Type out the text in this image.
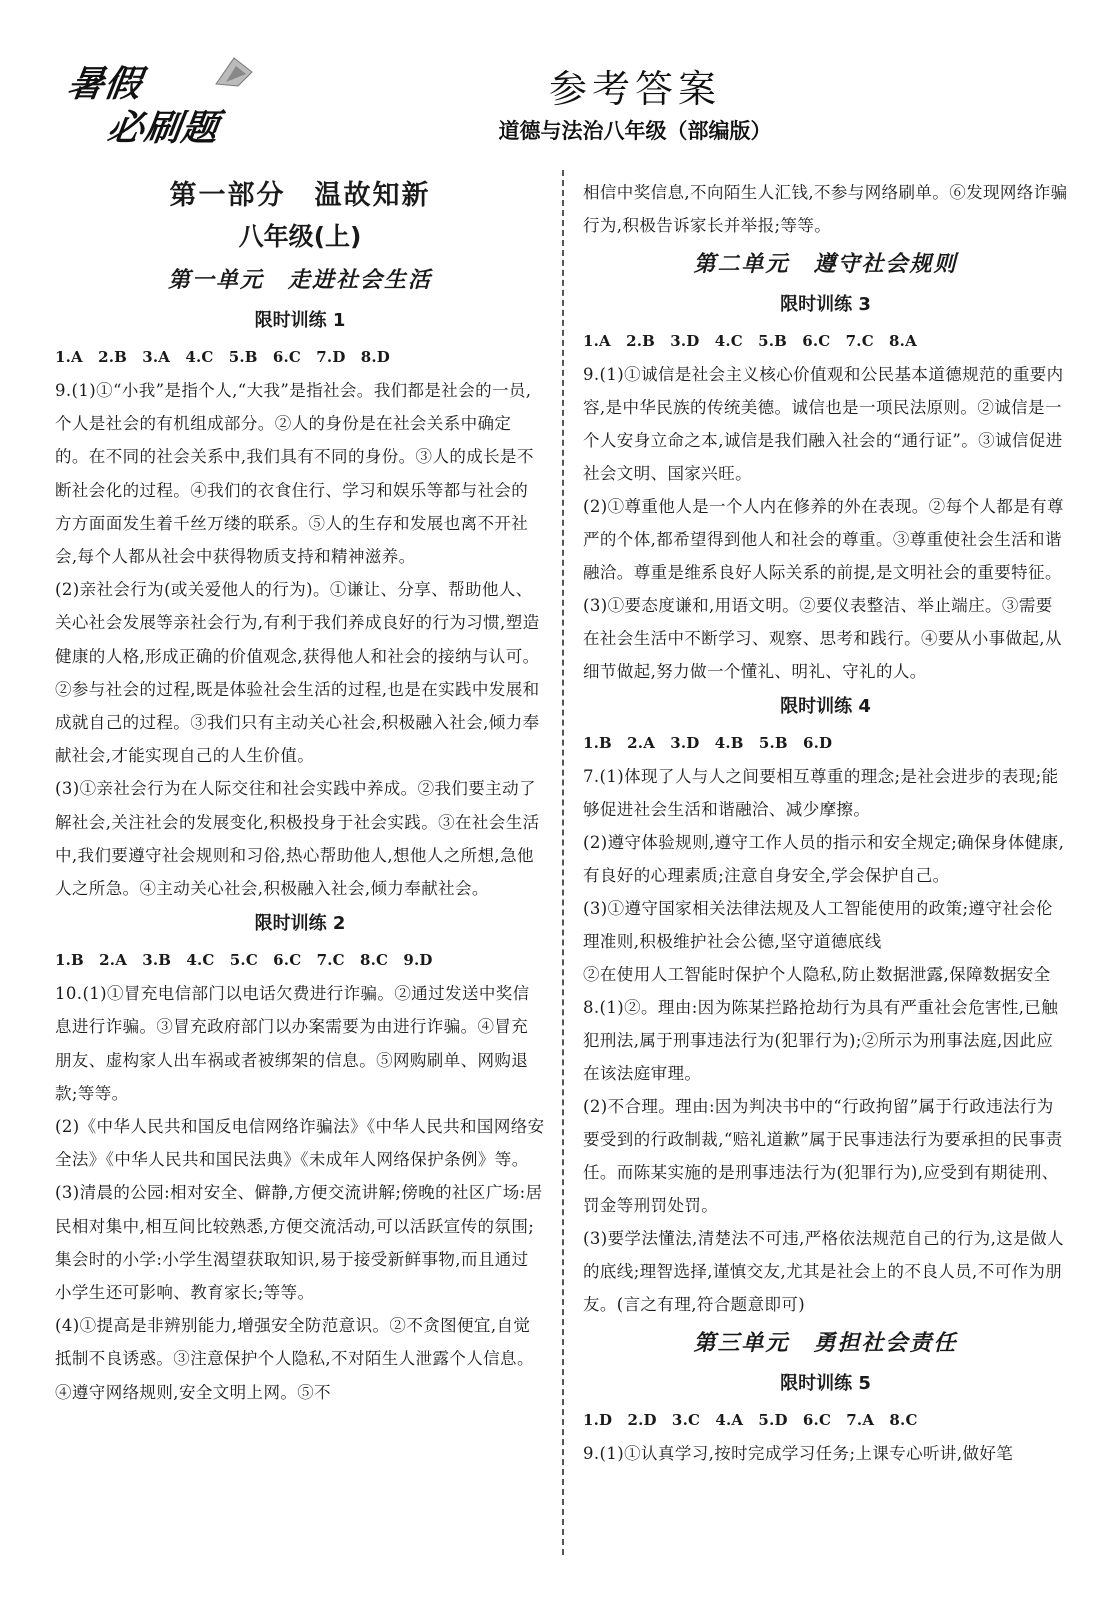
暑假
必刷题
参考答案
道德与法治八年级（部编版）
第一部分　温故知新
八年级(上)
第一单元　走进社会生活
限时训练 1
1.A　2.B　3.A　4.C　5.B　6.C　7.D　8.D

9.(1)①“小我”是指个人,“大我”是指社会。我们都是社会的一员,个人是社会的有机组成部分。②人的身份是在社会关系中确定的。在不同的社会关系中,我们具有不同的身份。③人的成长是不断社会化的过程。④我们的衣食住行、学习和娱乐等都与社会的方方面面发生着千丝万缕的联系。⑤人的生存和发展也离不开社会,每个人都从社会中获得物质支持和精神滋养。

(2)亲社会行为(或关爱他人的行为)。①谦让、分享、帮助他人、关心社会发展等亲社会行为,有利于我们养成良好的行为习惯,塑造健康的人格,形成正确的价值观念,获得他人和社会的接纳与认可。②参与社会的过程,既是体验社会生活的过程,也是在实践中发展和成就自己的过程。③我们只有主动关心社会,积极融入社会,倾力奉献社会,才能实现自己的人生价值。

(3)①亲社会行为在人际交往和社会实践中养成。②我们要主动了解社会,关注社会的发展变化,积极投身于社会实践。③在社会生活中,我们要遵守社会规则和习俗,热心帮助他人,想他人之所想,急他人之所急。④主动关心社会,积极融入社会,倾力奉献社会。

限时训练 2
1.B　2.A　3.B　4.C　5.C　6.C　7.C　8.C　9.D

10.(1)①冒充电信部门以电话欠费进行诈骗。②通过发送中奖信息进行诈骗。③冒充政府部门以办案需要为由进行诈骗。④冒充朋友、虚构家人出车祸或者被绑架的信息。⑤网购刷单、网购退款;等等。

(2)《中华人民共和国反电信网络诈骗法》《中华人民共和国网络安全法》《中华人民共和国民法典》《未成年人网络保护条例》等。

(3)清晨的公园:相对安全、僻静,方便交流讲解;傍晚的社区广场:居民相对集中,相互间比较熟悉,方便交流活动,可以活跃宣传的氛围;集会时的小学:小学生渴望获取知识,易于接受新鲜事物,而且通过小学生还可影响、教育家长;等等。

(4)①提高是非辨别能力,增强安全防范意识。②不贪图便宜,自觉抵制不良诱惑。③注意保护个人隐私,不对陌生人泄露个人信息。④遵守网络规则,安全文明上网。⑤不

相信中奖信息,不向陌生人汇钱,不参与网络刷单。⑥发现网络诈骗行为,积极告诉家长并举报;等等。

第二单元　遵守社会规则
限时训练 3
1.A　2.B　3.D　4.C　5.B　6.C　7.C　8.A

9.(1)①诚信是社会主义核心价值观和公民基本道德规范的重要内容,是中华民族的传统美德。诚信也是一项民法原则。②诚信是一个人安身立命之本,诚信是我们融入社会的“通行证”。③诚信促进社会文明、国家兴旺。

(2)①尊重他人是一个人内在修养的外在表现。②每个人都是有尊严的个体,都希望得到他人和社会的尊重。③尊重使社会生活和谐融洽。尊重是维系良好人际关系的前提,是文明社会的重要特征。

(3)①要态度谦和,用语文明。②要仪表整洁、举止端庄。③需要在社会生活中不断学习、观察、思考和践行。④要从小事做起,从细节做起,努力做一个懂礼、明礼、守礼的人。

限时训练 4
1.B　2.A　3.D　4.B　5.B　6.D

7.(1)体现了人与人之间要相互尊重的理念;是社会进步的表现;能够促进社会生活和谐融洽、减少摩擦。

(2)遵守体验规则,遵守工作人员的指示和安全规定;确保身体健康,有良好的心理素质;注意自身安全,学会保护自己。

(3)①遵守国家相关法律法规及人工智能使用的政策;遵守社会伦理准则,积极维护社会公德,坚守道德底线

②在使用人工智能时保护个人隐私,防止数据泄露,保障数据安全

8.(1)②。理由:因为陈某拦路抢劫行为具有严重社会危害性,已触犯刑法,属于刑事违法行为(犯罪行为);②所示为刑事法庭,因此应在该法庭审理。

(2)不合理。理由:因为判决书中的“行政拘留”属于行政违法行为要受到的行政制裁,“赔礼道歉”属于民事违法行为要承担的民事责任。而陈某实施的是刑事违法行为(犯罪行为),应受到有期徒刑、罚金等刑罚处罚。

(3)要学法懂法,清楚法不可违,严格依法规范自己的行为,这是做人的底线;理智选择,谨慎交友,尤其是社会上的不良人员,不可作为朋友。(言之有理,符合题意即可)

第三单元　勇担社会责任
限时训练 5
1.D　2.D　3.C　4.A　5.D　6.C　7.A　8.C

9.(1)①认真学习,按时完成学习任务;上课专心听讲,做好笔
